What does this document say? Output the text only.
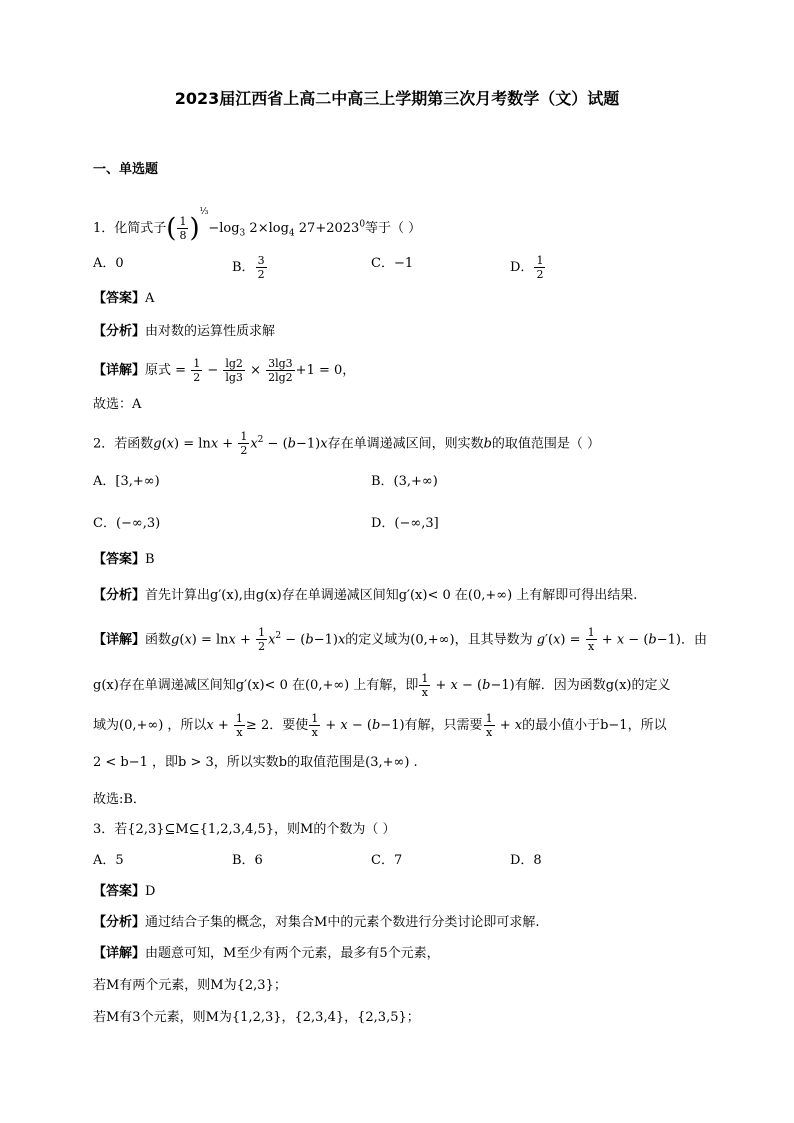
2023届江西省上高二中高三上学期第三次月考数学（文）试题
一、单选题
1．化简式子( $\frac{1}{8} )^{\frac{1}{3}}-\log_3$ $2\times\log_4$ $27+2023^0$等于（ ）
A．0	B． $\frac{3}{2}$	C．−1	D． $\frac{1}{2}$
【答案】A
【分析】由对数的运算性质求解
【详解】原式 = $\frac{1}{2} - \frac{\lg 2}{\lg 3} \times \frac{3\lg 3}{2\lg 2} +1 = 0$，
故选：A
2．若函数$g(x) = \ln x + \frac{1}{2} x^2 - (b-1)x$存在单调递减区间，则实数b的取值范围是（ ）
A．[3,+∞)	B．(3,+∞)
C．(−∞,3)	D．(−∞,3]
【答案】B
【分析】首先计算出g′(x),由g(x)存在单调递减区间知g′(x)< 0 在(0,+∞) 上有解即可得出结果.
【详解】函数$g(x) = \ln x + \frac{1}{2} x^2 - (b-1)x$的定义域为(0,+∞)，且其导数为 $g'(x) = \frac{1}{x} + x - (b-1)$．由
g(x)存在单调递减区间知g′(x)< 0 在(0,+∞) 上有解，即 $\frac{1}{x} + x - (b-1)$有解．因为函数g(x)的定义
域为(0,+∞) ，所以$x + \frac{1}{x} \ge 2$．要使 $\frac{1}{x} + x - (b-1)$有解，只需要 $\frac{1}{x} + x$的最小值小于b−1，所以
2 < b−1 ，即b > 3，所以实数b的取值范围是(3,+∞) .
故选:B．
3．若{2,3}⊆M⊆{1,2,3,4,5}，则M的个数为（ ）
A．5	B．6	C．7	D．8
【答案】D
【分析】通过结合子集的概念，对集合M中的元素个数进行分类讨论即可求解.
【详解】由题意可知，M至少有两个元素，最多有5个元素，
若M有两个元素，则M为{2,3}；
若M有3个元素，则M为{1,2,3}，{2,3,4}，{2,3,5}；
